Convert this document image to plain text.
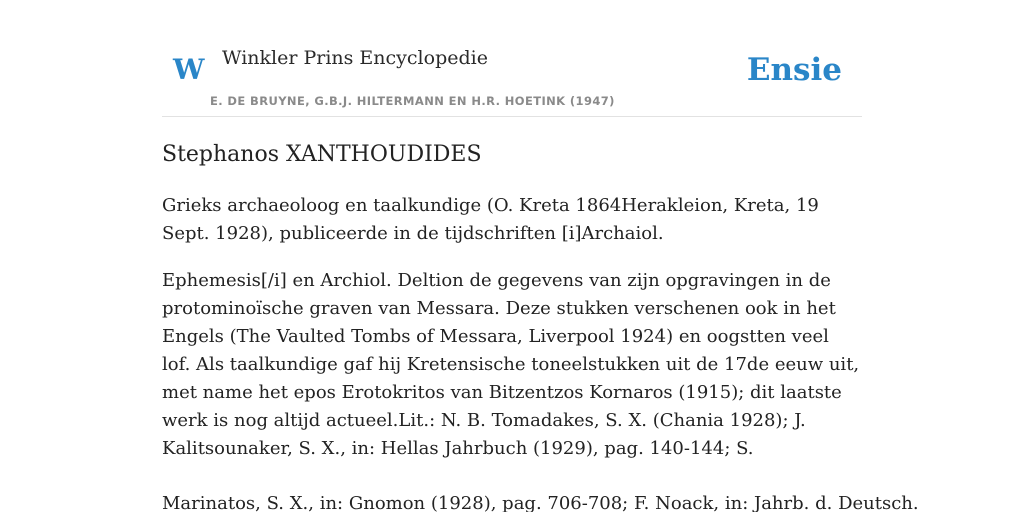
W Winkler Prins Encyclopedie
E. DE BRUYNE, G.B.J. HILTERMANN EN H.R. HOETINK (1947)
Ensie
Stephanos XANTHOUDIDES

Grieks archaeoloog en taalkundige (O. Kreta 1864Herakleion, Kreta, 19 Sept. 1928), publiceerde in de tijdschriften [i]Archaiol.

Ephemesis[/i] en Archiol. Deltion de gegevens van zijn opgravingen in de protominoïsche graven van Messara. Deze stukken verschenen ook in het Engels (The Vaulted Tombs of Messara, Liverpool 1924) en oogstten veel lof. Als taalkundige gaf hij Kretensische toneelstukken uit de 17de eeuw uit, met name het epos Erotokritos van Bitzentzos Kornaros (1915); dit laatste werk is nog altijd actueel.Lit.: N. B. Tomadakes, S. X. (Chania 1928); J. Kalitsounaker, S. X., in: Hellas Jahrbuch (1929), pag. 140-144; S.

Marinatos, S. X., in: Gnomon (1928), pag. 706-708; F. Noack, in: Jahrb. d. Deutsch.
